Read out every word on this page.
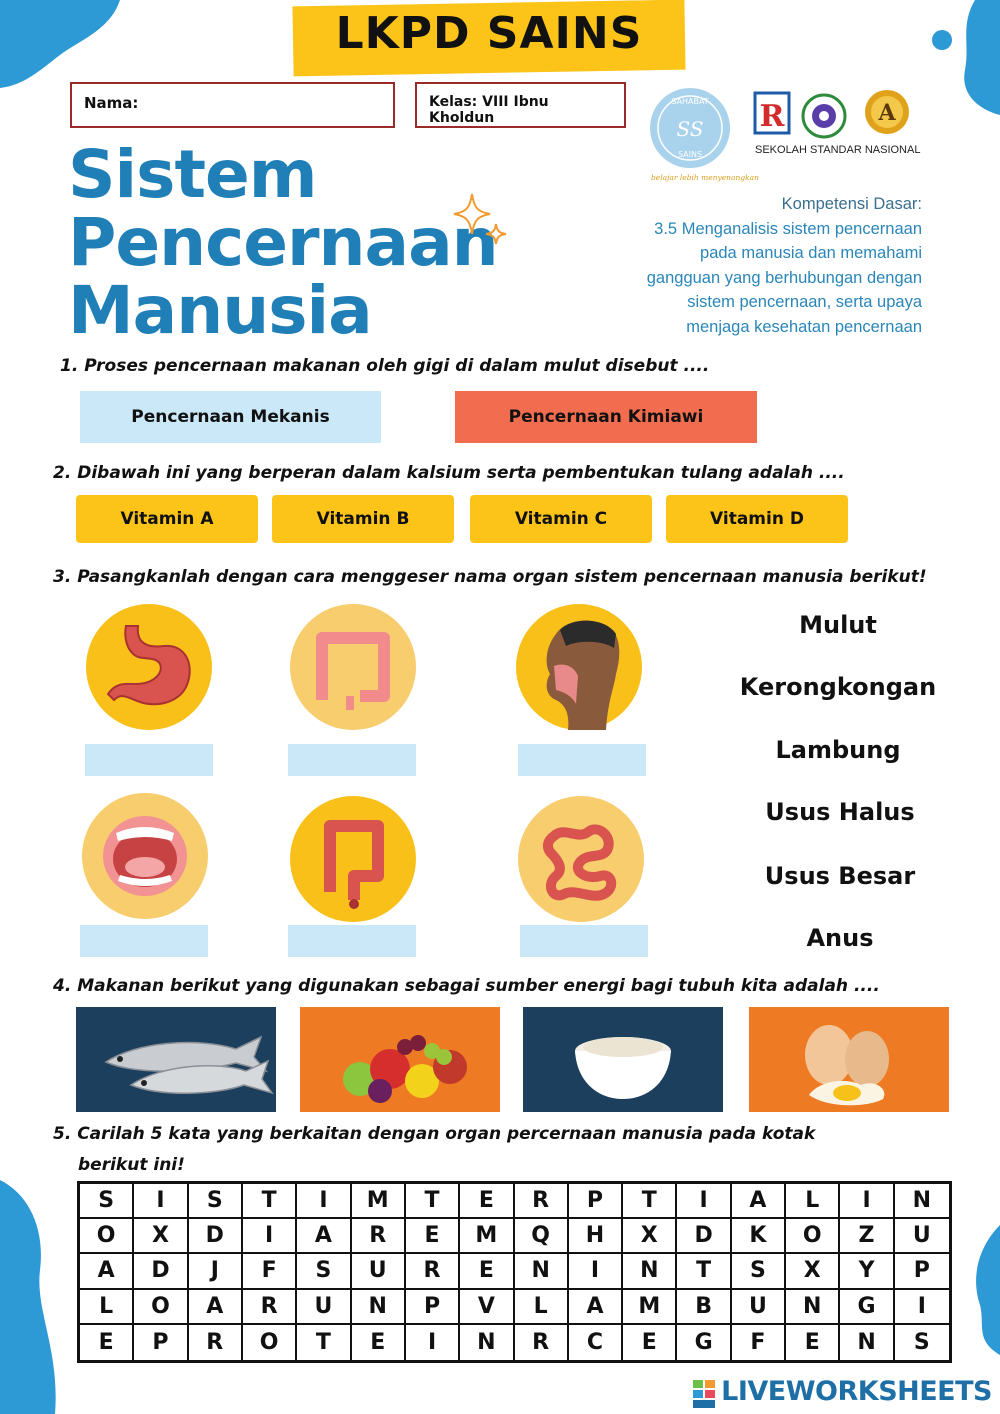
LKPD SAINS
Nama:	Kelas: VIII Ibnu Kholdun
SAHABAT
SS
SAINS
belajar lebih menyenangkan
R	A
SEKOLAH STANDAR NASIONAL
Sistem
Pencernaan
Manusia
Kompetensi Dasar:
3.5 Menganalisis sistem pencernaan
pada manusia dan memahami
gangguan yang berhubungan dengan
sistem pencernaan, serta upaya
menjaga kesehatan pencernaan
1. Proses pencernaan makanan oleh gigi di dalam mulut disebut ....
Pencernaan Mekanis	Pencernaan Kimiawi
2. Dibawah ini yang berperan dalam kalsium serta pembentukan tulang adalah ....
Vitamin A	Vitamin B	Vitamin C	Vitamin D
3. Pasangkanlah dengan cara menggeser nama organ sistem pencernaan manusia berikut!
Mulut
Kerongkongan
Lambung
Usus Halus
Usus Besar
Anus
4. Makanan berikut yang digunakan sebagai sumber energi bagi tubuh kita adalah ....
5. Carilah 5 kata yang berkaitan dengan organ percernaan manusia pada kotak
berikut ini!
S	I	S	T	I	M	T	E	R	P	T	I	A	L	I	N
O	X	D	I	A	R	E	M	Q	H	X	D	K	O	Z	U
A	D	J	F	S	U	R	E	N	I	N	T	S	X	Y	P
L	O	A	R	U	N	P	V	L	A	M	B	U	N	G	I
E	P	R	O	T	E	I	N	R	C	E	G	F	E	N	S
LIVEWORKSHEETS
